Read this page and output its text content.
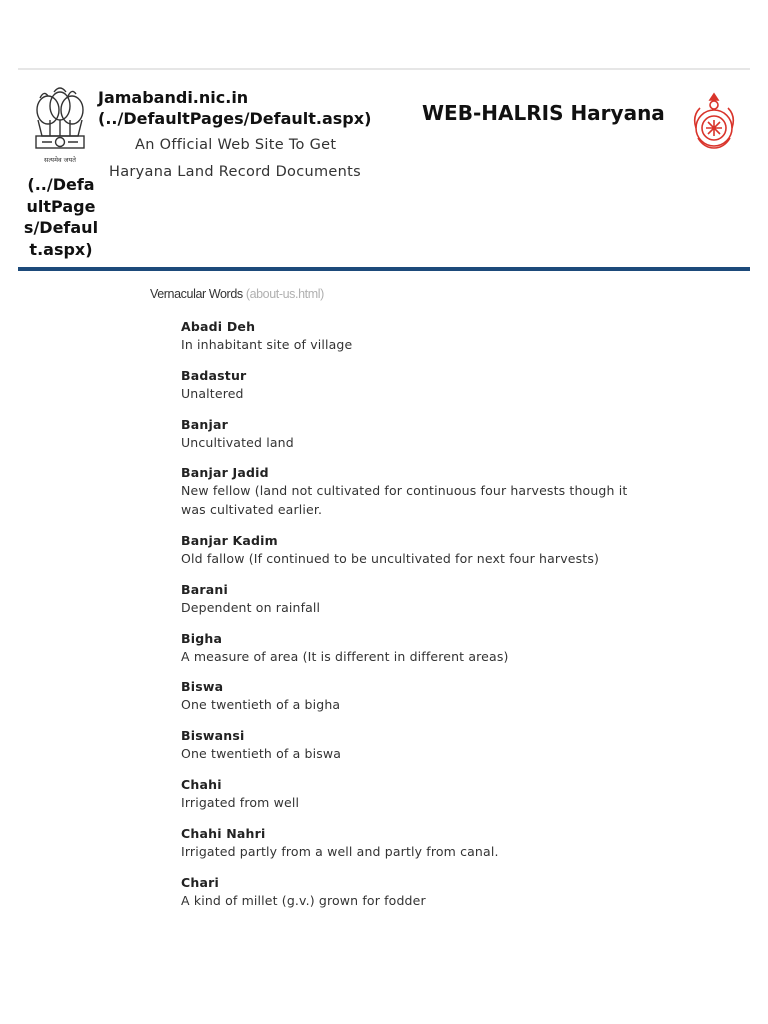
सत्यमेव जयते
(../DefaultPages/Default.aspx)
Jamabandi.nic.in
(../DefaultPages/Default.aspx)
An Official Web Site To Get
Haryana Land Record Documents
WEB-HALRIS Haryana
Vernacular Words (about-us.html)
Abadi Deh
In inhabitant site of village
Badastur
Unaltered
Banjar
Uncultivated land
Banjar Jadid
New fellow (land not cultivated for continuous four harvests though it was cultivated earlier.
Banjar Kadim
Old fallow (If continued to be uncultivated for next four harvests)
Barani
Dependent on rainfall
Bigha
A measure of area (It is different in different areas)
Biswa
One twentieth of a bigha
Biswansi
One twentieth of a biswa
Chahi
Irrigated from well
Chahi Nahri
Irrigated partly from a well and partly from canal.
Chari
A kind of millet (g.v.) grown for fodder
